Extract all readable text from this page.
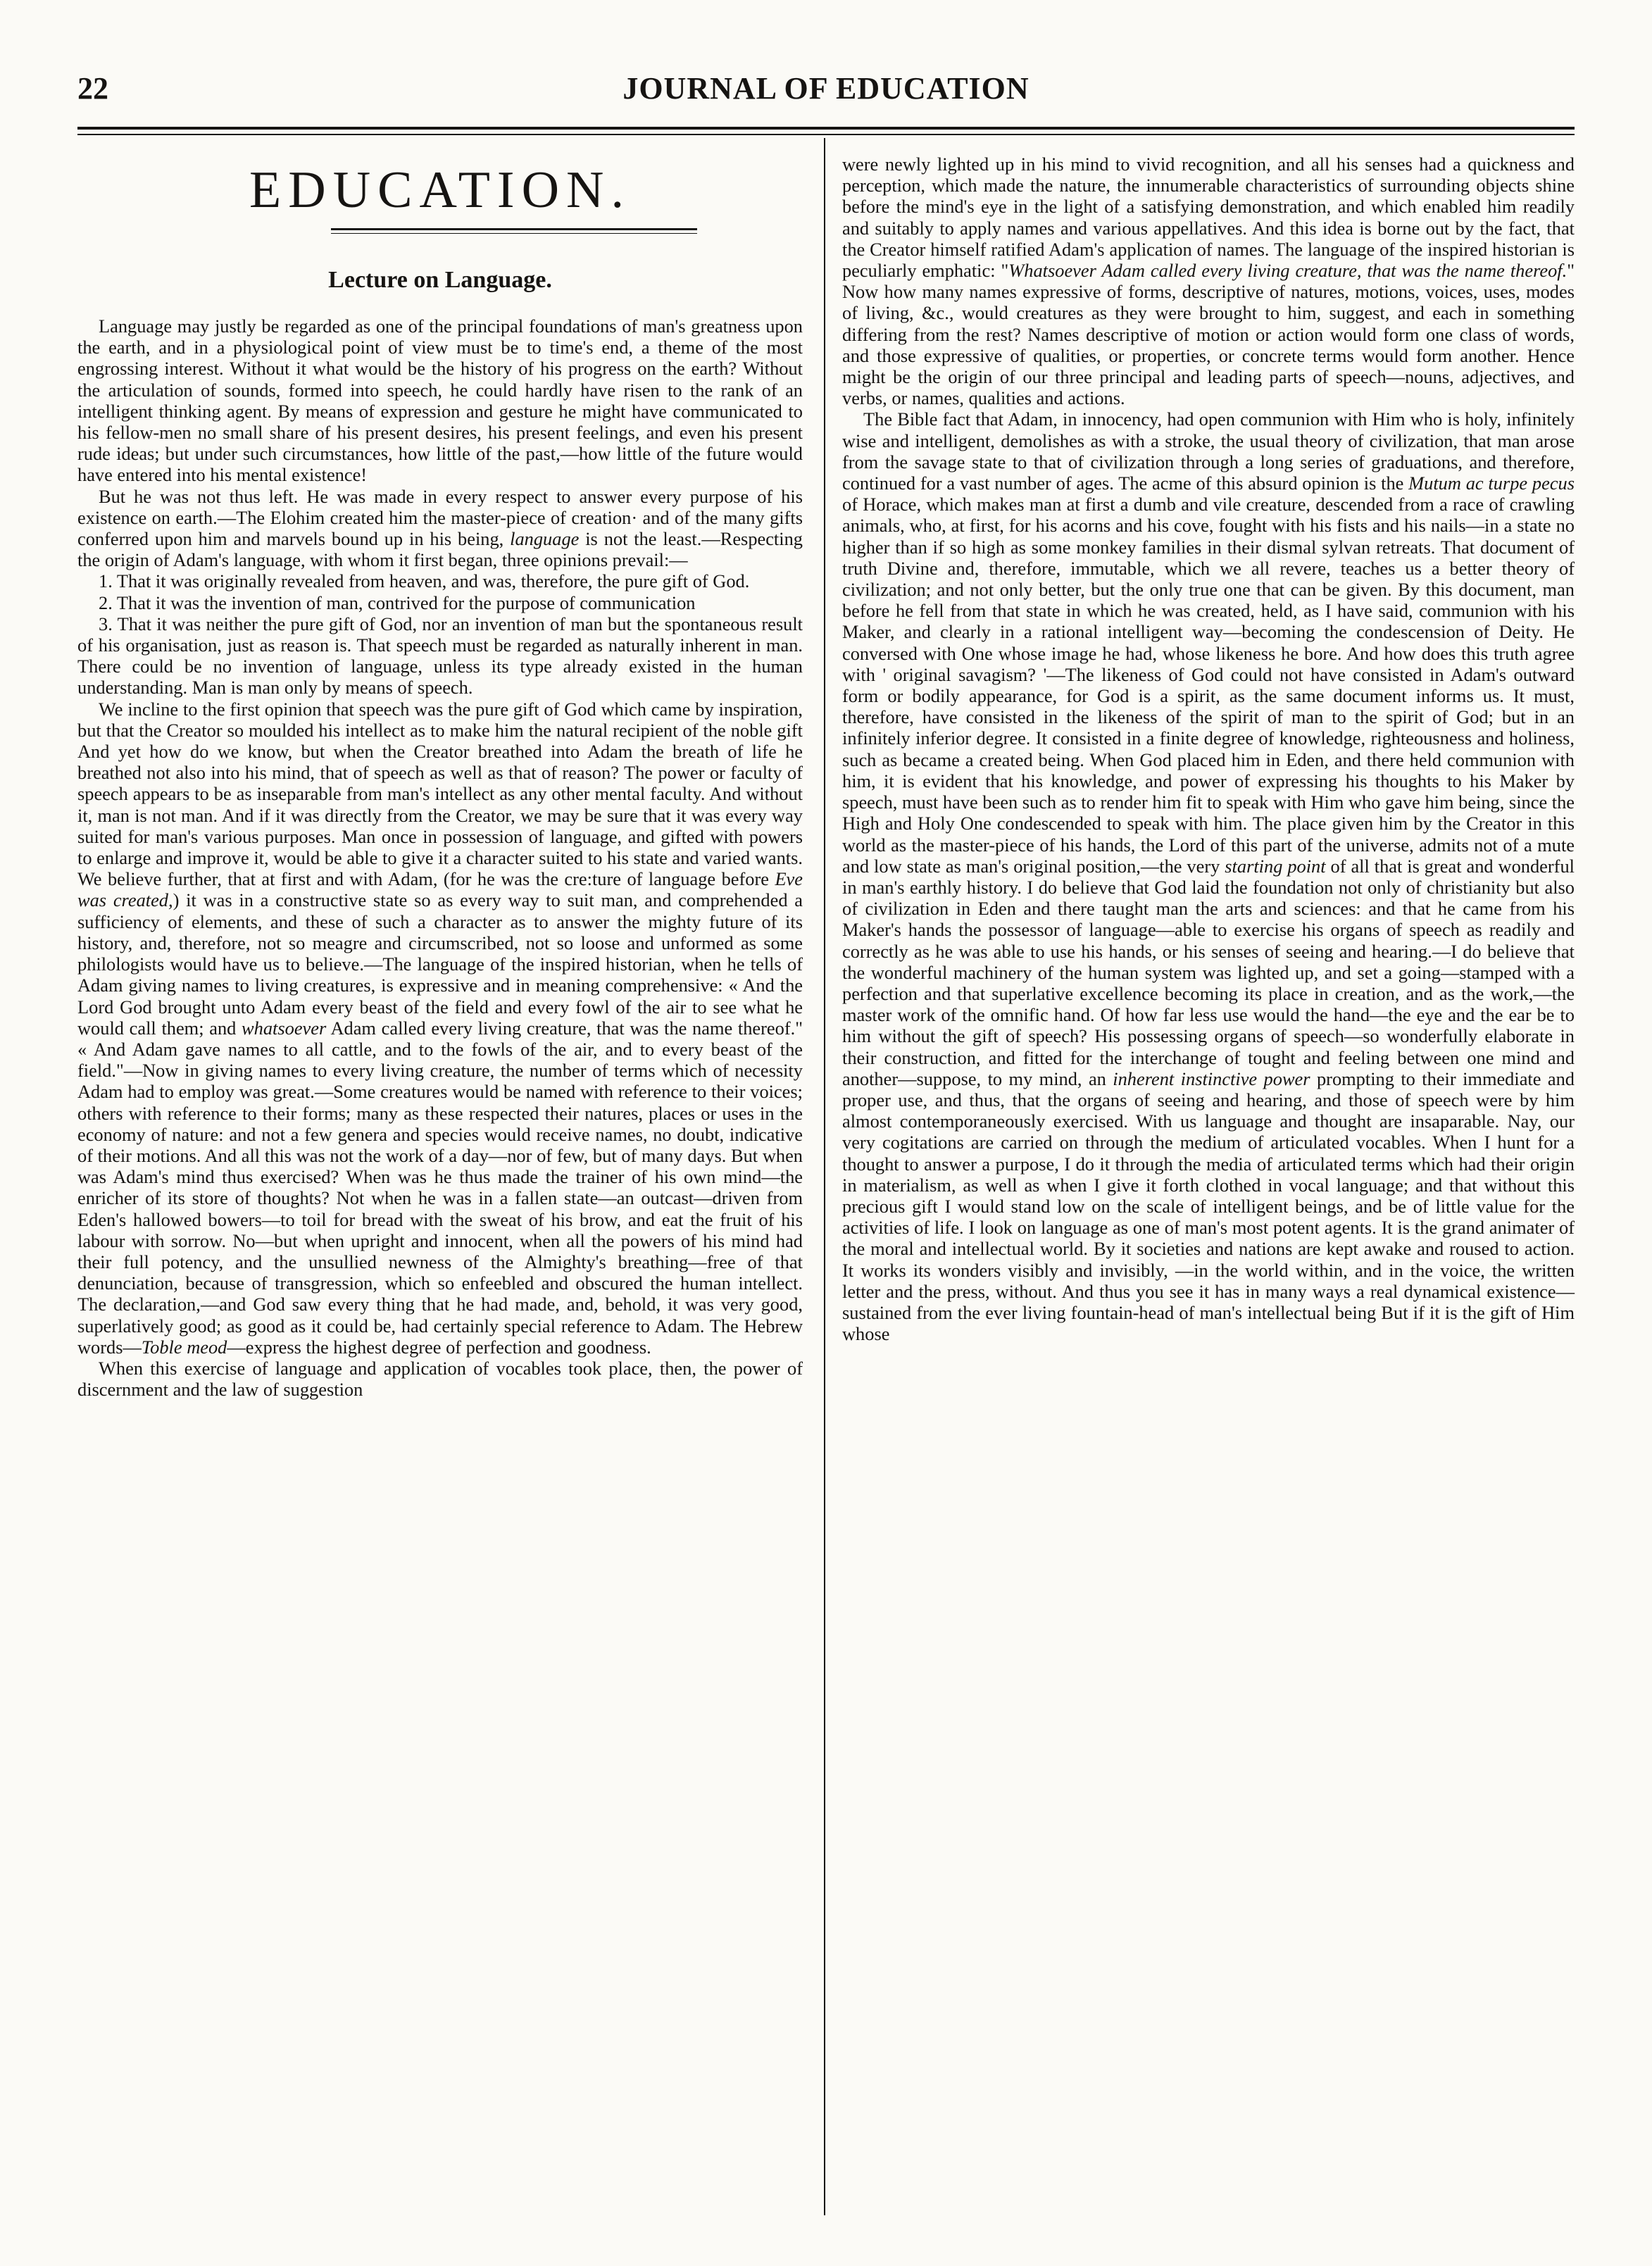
22	JOURNAL OF EDUCATION
EDUCATION.
Lecture on Language.

Language may justly be regarded as one of the principal foundations of man's greatness upon the earth, and in a physiological point of view must be to time's end, a theme of the most engrossing interest. Without it what would be the history of his progress on the earth? Without the articulation of sounds, formed into speech, he could hardly have risen to the rank of an intelligent thinking agent. By means of expression and gesture he might have communicated to his fellow-men no small share of his present desires, his present feelings, and even his present rude ideas; but under such circumstances, how little of the past,—how little of the future would have entered into his mental existence!

But he was not thus left. He was made in every respect to answer every purpose of his existence on earth.—The Elohim created him the master-piece of creation· and of the many gifts conferred upon him and marvels bound up in his being, language is not the least.—Respecting the origin of Adam's language, with whom it first began, three opinions prevail:—

1. That it was originally revealed from heaven, and was, therefore, the pure gift of God.

2. That it was the invention of man, contrived for the purpose of communication

3. That it was neither the pure gift of God, nor an invention of man but the spontaneous result of his organisation, just as reason is. That speech must be regarded as naturally inherent in man. There could be no invention of language, unless its type already existed in the human understanding. Man is man only by means of speech.

We incline to the first opinion that speech was the pure gift of God which came by inspiration, but that the Creator so moulded his intellect as to make him the natural recipient of the noble gift And yet how do we know, but when the Creator breathed into Adam the breath of life he breathed not also into his mind, that of speech as well as that of reason? The power or faculty of speech appears to be as inseparable from man's intellect as any other mental faculty. And without it, man is not man. And if it was directly from the Creator, we may be sure that it was every way suited for man's various purposes. Man once in possession of language, and gifted with powers to enlarge and improve it, would be able to give it a character suited to his state and varied wants. We believe further, that at first and with Adam, (for he was the cre:ture of language before Eve was created,) it was in a constructive state so as every way to suit man, and comprehended a sufficiency of elements, and these of such a character as to answer the mighty future of its history, and, therefore, not so meagre and circumscribed, not so loose and unformed as some philologists would have us to believe.—The language of the inspired historian, when he tells of Adam giving names to living creatures, is expressive and in meaning comprehensive: « And the Lord God brought unto Adam every beast of the field and every fowl of the air to see what he would call them; and whatsoever Adam called every living creature, that was the name thereof." « And Adam gave names to all cattle, and to the fowls of the air, and to every beast of the field."—Now in giving names to every living creature, the number of terms which of necessity Adam had to employ was great.—Some creatures would be named with reference to their voices; others with reference to their forms; many as these respected their natures, places or uses in the economy of nature: and not a few genera and species would receive names, no doubt, indicative of their motions. And all this was not the work of a day—nor of few, but of many days. But when was Adam's mind thus exercised? When was he thus made the trainer of his own mind—the enricher of its store of thoughts? Not when he was in a fallen state—an outcast—driven from Eden's hallowed bowers—to toil for bread with the sweat of his brow, and eat the fruit of his labour with sorrow. No—but when upright and innocent, when all the powers of his mind had their full potency, and the unsullied newness of the Almighty's breathing—free of that denunciation, because of transgression, which so enfeebled and obscured the human intellect. The declaration,—and God saw every thing that he had made, and, behold, it was very good, superlatively good; as good as it could be, had certainly special reference to Adam. The Hebrew words—Toble meod—express the highest degree of perfection and goodness.

When this exercise of language and application of vocables took place, then, the power of discernment and the law of suggestion

were newly lighted up in his mind to vivid recognition, and all his senses had a quickness and perception, which made the nature, the innumerable characteristics of surrounding objects shine before the mind's eye in the light of a satisfying demonstration, and which enabled him readily and suitably to apply names and various appellatives. And this idea is borne out by the fact, that the Creator himself ratified Adam's application of names. The language of the inspired historian is peculiarly emphatic: "Whatsoever Adam called every living creature, that was the name thereof." Now how many names expressive of forms, descriptive of natures, motions, voices, uses, modes of living, &c., would creatures as they were brought to him, suggest, and each in something differing from the rest? Names descriptive of motion or action would form one class of words, and those expressive of qualities, or properties, or concrete terms would form another. Hence might be the origin of our three principal and leading parts of speech—nouns, adjectives, and verbs, or names, qualities and actions.

The Bible fact that Adam, in innocency, had open communion with Him who is holy, infinitely wise and intelligent, demolishes as with a stroke, the usual theory of civilization, that man arose from the savage state to that of civilization through a long series of graduations, and therefore, continued for a vast number of ages. The acme of this absurd opinion is the Mutum ac turpe pecus of Horace, which makes man at first a dumb and vile creature, descended from a race of crawling animals, who, at first, for his acorns and his cove, fought with his fists and his nails—in a state no higher than if so high as some monkey families in their dismal sylvan retreats. That document of truth Divine and, therefore, immutable, which we all revere, teaches us a better theory of civilization; and not only better, but the only true one that can be given. By this document, man before he fell from that state in which he was created, held, as I have said, communion with his Maker, and clearly in a rational intelligent way—becoming the condescension of Deity. He conversed with One whose image he had, whose likeness he bore. And how does this truth agree with ' original savagism? '—The likeness of God could not have consisted in Adam's outward form or bodily appearance, for God is a spirit, as the same document informs us. It must, therefore, have consisted in the likeness of the spirit of man to the spirit of God; but in an infinitely inferior degree. It consisted in a finite degree of knowledge, righteousness and holiness, such as became a created being. When God placed him in Eden, and there held communion with him, it is evident that his knowledge, and power of expressing his thoughts to his Maker by speech, must have been such as to render him fit to speak with Him who gave him being, since the High and Holy One condescended to speak with him. The place given him by the Creator in this world as the master-piece of his hands, the Lord of this part of the universe, admits not of a mute and low state as man's original position,—the very starting point of all that is great and wonderful in man's earthly history. I do believe that God laid the foundation not only of christianity but also of civilization in Eden and there taught man the arts and sciences: and that he came from his Maker's hands the possessor of language—able to exercise his organs of speech as readily and correctly as he was able to use his hands, or his senses of seeing and hearing.—I do believe that the wonderful machinery of the human system was lighted up, and set a going—stamped with a perfection and that superlative excellence becoming its place in creation, and as the work,—the master work of the omnific hand. Of how far less use would the hand—the eye and the ear be to him without the gift of speech? His possessing organs of speech—so wonderfully elaborate in their construction, and fitted for the interchange of tought and feeling between one mind and another—suppose, to my mind, an inherent instinctive power prompting to their immediate and proper use, and thus, that the organs of seeing and hearing, and those of speech were by him almost contemporaneously exercised. With us language and thought are insaparable. Nay, our very cogitations are carried on through the medium of articulated vocables. When I hunt for a thought to answer a purpose, I do it through the media of articulated terms which had their origin in materialism, as well as when I give it forth clothed in vocal language; and that without this precious gift I would stand low on the scale of intelligent beings, and be of little value for the activities of life. I look on language as one of man's most potent agents. It is the grand animater of the moral and intellectual world. By it societies and nations are kept awake and roused to action. It works its wonders visibly and invisibly, —in the world within, and in the voice, the written letter and the press, without. And thus you see it has in many ways a real dynamical existence—sustained from the ever living fountain-head of man's intellectual being But if it is the gift of Him whose
